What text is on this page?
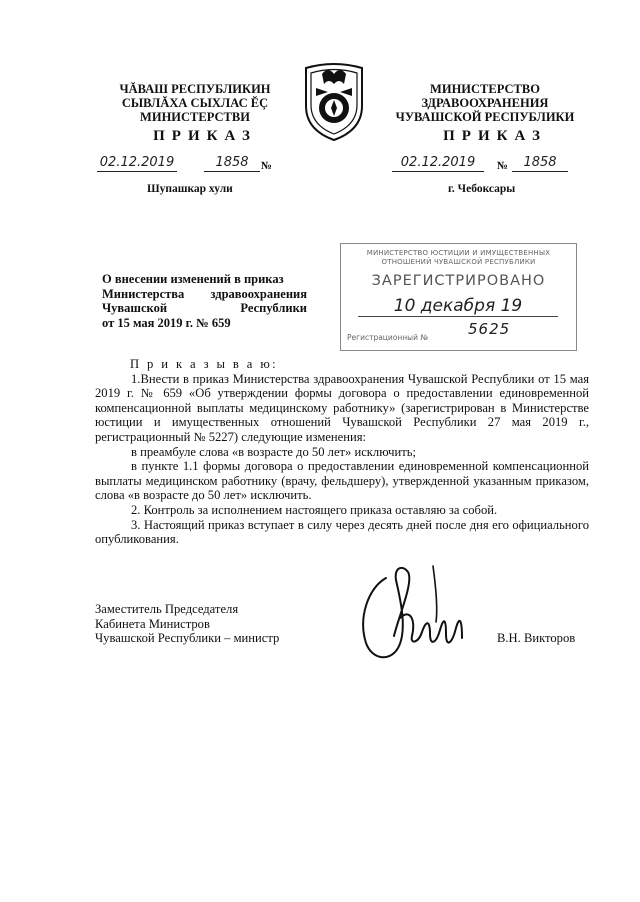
ЧĂВАШ РЕСПУБЛИКИН
СЫВЛĂХА СЫХЛАС ĔÇ
МИНИСТЕРСТВИ
МИНИСТЕРСТВО
ЗДРАВООХРАНЕНИЯ
ЧУВАШСКОЙ РЕСПУБЛИКИ
ПРИКАЗ	ПРИКАЗ
02.12.2019	1858	№	02.12.2019	№	1858
Шупашкар хули	г. Чебоксары
О внесении изменений в приказ
Министерства здравоохранения
Чувашской Республики
от 15 мая 2019 г. № 659
МИНИСТЕРСТВО ЮСТИЦИИ И ИМУЩЕСТВЕННЫХ
ОТНОШЕНИЙ ЧУВАШСКОЙ РЕСПУБЛИКИ
ЗАРЕГИСТРИРОВАНО
Регистрационный №
10 декабря 19
5625

П р и к а з ы в а ю:

1.Внести в приказ Министерства здравоохранения Чувашской Республики от 15 мая 2019 г. № 659 «Об утверждении формы договора о предоставлении единовременной компенсационной выплаты медицинскому работнику» (зарегистрирован в Министерстве юстиции и имущественных отношений Чувашской Республики 27 мая 2019 г., регистрационный № 5227) следующие изменения:

в преамбуле слова «в возрасте до 50 лет» исключить;

в пункте 1.1 формы договора о предоставлении единовременной компенсационной выплаты медицинском работнику (врачу, фельдшеру), утвержденной указанным приказом, слова «в возрасте до 50 лет» исключить.

2. Контроль за исполнением настоящего приказа оставляю за собой.

3. Настоящий приказ вступает в силу через десять дней после дня его официального опубликования.

Заместитель Председателя
Кабинета Министров
Чувашской Республики – министр	В.Н. Викторов
